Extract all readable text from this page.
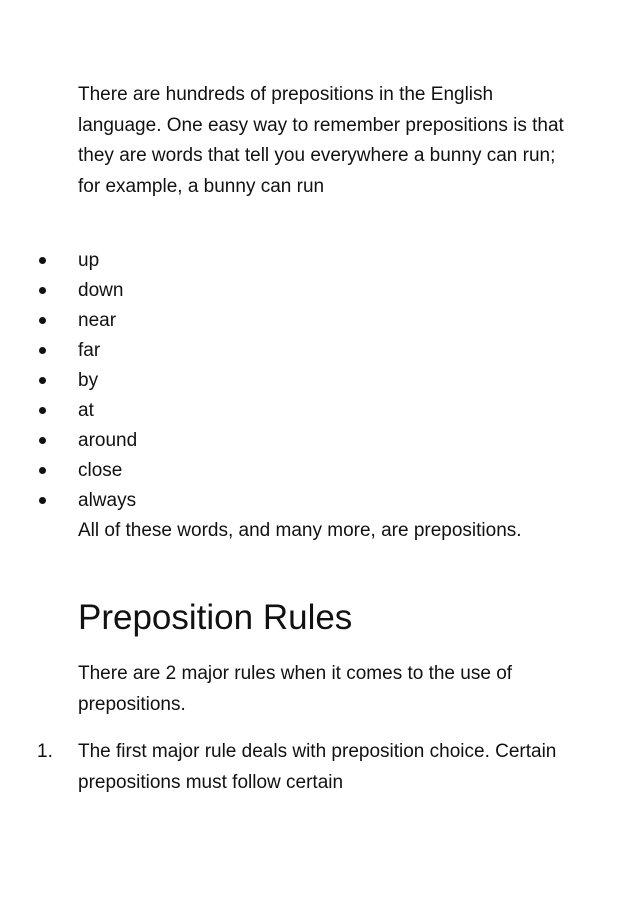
There are hundreds of prepositions in the English language. One easy way to remember prepositions is that they are words that tell you everywhere a bunny can run; for example, a bunny can run

up
down
near
far
by
at
around
close
always

All of these words, and many more, are prepositions.

Preposition Rules

There are 2 major rules when it comes to the use of prepositions.

1. The first major rule deals with preposition choice. Certain prepositions must follow certain
